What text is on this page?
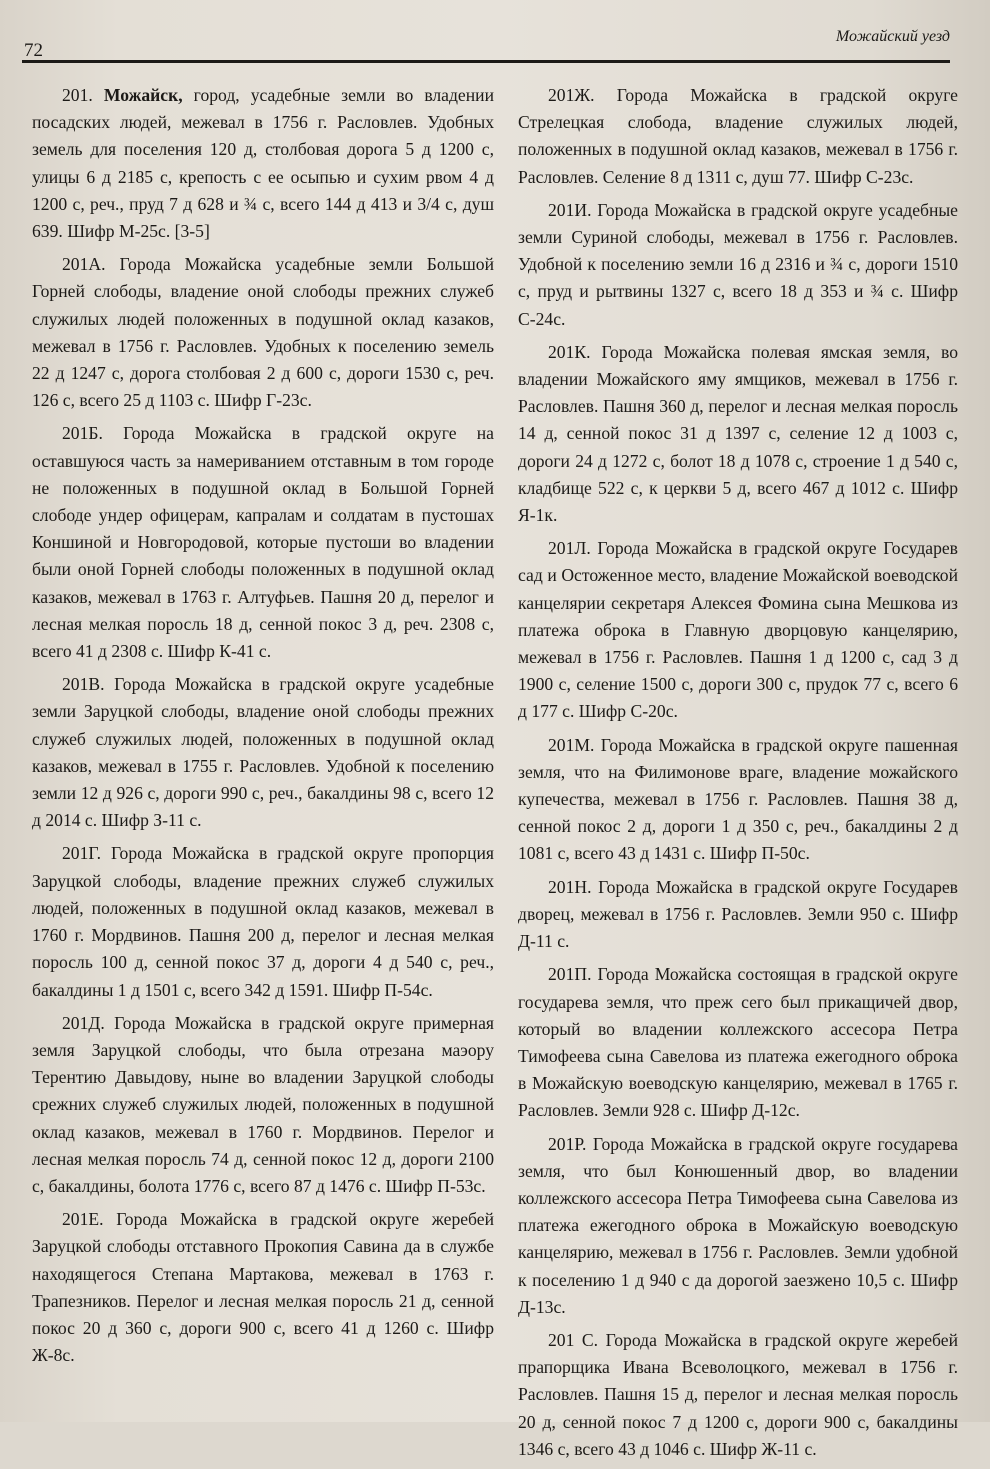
72
Можайский уезд

201. Можайск, город, усадебные земли во владении посадских людей, межевал в 1756 г. Расловлев. Удобных земель для поселения 120 д, столбовая дорога 5 д 1200 с, улицы 6 д 2185 с, крепость с ее осыпью и сухим рвом 4 д 1200 с, реч., пруд 7 д 628 и ¾ с, всего 144 д 413 и 3/4 с, душ 639. Шифр М-25с. [3-5]

201А. Города Можайска усадебные земли Большой Горней слободы, владение оной слободы прежних служеб служилых людей положенных в подушной оклад казаков, межевал в 1756 г. Расловлев. Удобных к поселению земель 22 д 1247 с, дорога столбовая 2 д 600 с, дороги 1530 с, реч. 126 с, всего 25 д 1103 с. Шифр Г-23с.

201Б. Города Можайска в градской округе на оставшуюся часть за намериванием отставным в том городе не положенных в подушной оклад в Большой Горней слободе ундер офицерам, капралам и солдатам в пустошах Коншиной и Новгородовой, которые пустоши во владении были оной Горней слободы положенных в подушной оклад казаков, межевал в 1763 г. Алтуфьев. Пашня 20 д, перелог и лесная мелкая поросль 18 д, сенной покос 3 д, реч. 2308 с, всего 41 д 2308 с. Шифр К-41 с.

201В. Города Можайска в градской округе усадебные земли Заруцкой слободы, владение оной слободы прежних служеб служилых людей, положенных в подушной оклад казаков, межевал в 1755 г. Расловлев. Удобной к поселению земли 12 д 926 с, дороги 990 с, реч., бакалдины 98 с, всего 12 д 2014 с. Шифр З-11 с.

201Г. Города Можайска в градской округе пропорция Заруцкой слободы, владение прежних служеб служилых людей, положенных в подушной оклад казаков, межевал в 1760 г. Мордвинов. Пашня 200 д, перелог и лесная мелкая поросль 100 д, сенной покос 37 д, дороги 4 д 540 с, реч., бакалдины 1 д 1501 с, всего 342 д 1591. Шифр П-54с.

201Д. Города Можайска в градской округе примерная земля Заруцкой слободы, что была отрезана маэору Терентию Давыдову, ныне во владении Заруцкой слободы срежних служеб служилых людей, положенных в подушной оклад казаков, межевал в 1760 г. Мордвинов. Перелог и лесная мелкая поросль 74 д, сенной покос 12 д, дороги 2100 с, бакалдины, болота 1776 с, всего 87 д 1476 с. Шифр П-53с.

201Е. Города Можайска в градской округе жеребей Заруцкой слободы отставного Прокопия Савина да в службе находящегося Степана Мартакова, межевал в 1763 г. Трапезников. Перелог и лесная мелкая поросль 21 д, сенной покос 20 д 360 с, дороги 900 с, всего 41 д 1260 с. Шифр Ж-8с.

201Ж. Города Можайска в градской округе Стрелецкая слобода, владение служилых людей, положенных в подушной оклад казаков, межевал в 1756 г. Расловлев. Селение 8 д 1311 с, душ 77. Шифр С-23с.

201И. Города Можайска в градской округе усадебные земли Суриной слободы, межевал в 1756 г. Расловлев. Удобной к поселению земли 16 д 2316 и ¾ с, дороги 1510 с, пруд и рытвины 1327 с, всего 18 д 353 и ¾ с. Шифр С-24с.

201К. Города Можайска полевая ямская земля, во владении Можайского яму ямщиков, межевал в 1756 г. Расловлев. Пашня 360 д, перелог и лесная мелкая поросль 14 д, сенной покос 31 д 1397 с, селение 12 д 1003 с, дороги 24 д 1272 с, болот 18 д 1078 с, строение 1 д 540 с, кладбище 522 с, к церкви 5 д, всего 467 д 1012 с. Шифр Я-1к.

201Л. Города Можайска в градской округе Государев сад и Остоженное место, владение Можайской воеводской канцелярии секретаря Алексея Фомина сына Мешкова из платежа оброка в Главную дворцовую канцелярию, межевал в 1756 г. Расловлев. Пашня 1 д 1200 с, сад 3 д 1900 с, селение 1500 с, дороги 300 с, прудок 77 с, всего 6 д 177 с. Шифр С-20с.

201М. Города Можайска в градской округе пашенная земля, что на Филимонове враге, владение можайского купечества, межевал в 1756 г. Расловлев. Пашня 38 д, сенной покос 2 д, дороги 1 д 350 с, реч., бакалдины 2 д 1081 с, всего 43 д 1431 с. Шифр П-50с.

201Н. Города Можайска в градской округе Государев дворец, межевал в 1756 г. Расловлев. Земли 950 с. Шифр Д-11 с.

201П. Города Можайска состоящая в градской округе государева земля, что преж сего был прикащичей двор, который во владении коллежского ассесора Петра Тимофеева сына Савелова из платежа ежегодного оброка в Можайскую воеводскую канцелярию, межевал в 1765 г. Расловлев. Земли 928 с. Шифр Д-12с.

201Р. Города Можайска в градской округе государева земля, что был Конюшенный двор, во владении коллежского ассесора Петра Тимофеева сына Савелова из платежа ежегодного оброка в Можайскую воеводскую канцелярию, межевал в 1756 г. Расловлев. Земли удобной к поселению 1 д 940 с да дорогой заезжено 10,5 с. Шифр Д-13с.

201 С. Города Можайска в градской округе жеребей прапорщика Ивана Всеволоцкого, межевал в 1756 г. Расловлев. Пашня 15 д, перелог и лесная мелкая поросль 20 д, сенной покос 7 д 1200 с, дороги 900 с, бакалдины 1346 с, всего 43 д 1046 с. Шифр Ж-11 с.
